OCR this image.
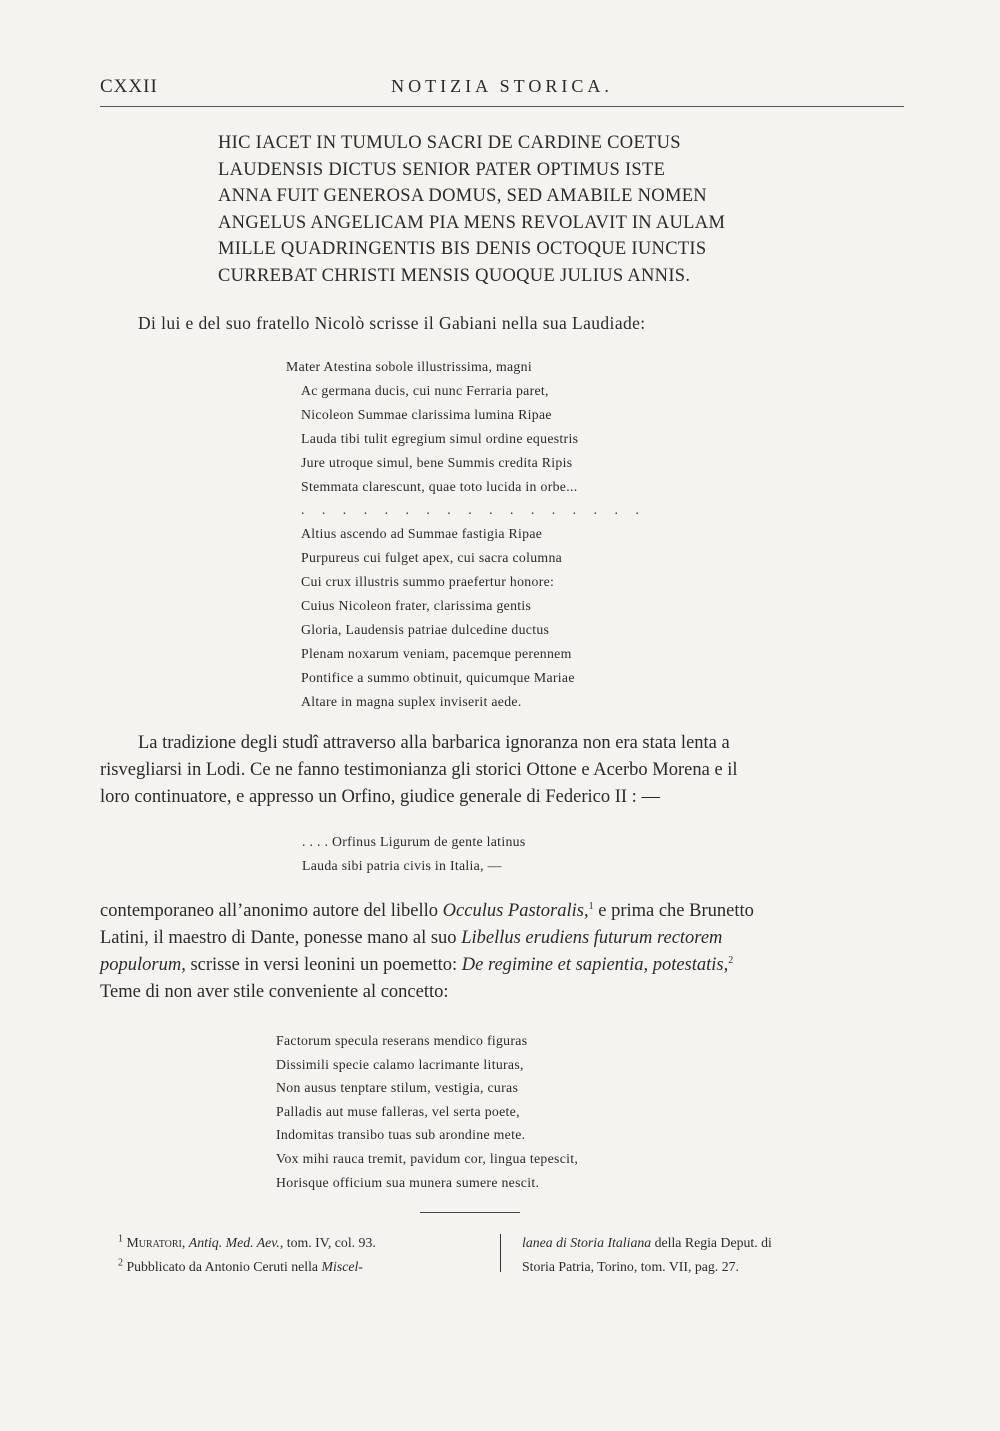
CXXII	NOTIZIA STORICA.
HIC IACET IN TUMULO SACRI DE CARDINE COETUS
LAUDENSIS DICTUS SENIOR PATER OPTIMUS ISTE
ANNA FUIT GENEROSA DOMUS, SED AMABILE NOMEN
ANGELUS ANGELICAM PIA MENS REVOLAVIT IN AULAM
MILLE QUADRINGENTIS BIS DENIS OCTOQUE IUNCTIS
CURREBAT CHRISTI MENSIS QUOQUE JULIUS ANNIS.
Di lui e del suo fratello Nicolò scrisse il Gabiani nella sua Laudiade:
Mater Atestina sobole illustrissima, magni
Ac germana ducis, cui nunc Ferraria paret,
Nicoleon Summae clarissima lumina Ripae
Lauda tibi tulit egregium simul ordine equestris
Jure utroque simul, bene Summis credita Ripis
Stemmata clarescunt, quae toto lucida in orbe...
. . . . . . . . . . . . . . . . .
Altius ascendo ad Summae fastigia Ripae
Purpureus cui fulget apex, cui sacra columna
Cui crux illustris summo praefertur honore:
Cuius Nicoleon frater, clarissima gentis
Gloria, Laudensis patriae dulcedine ductus
Plenam noxarum veniam, pacemque perennem
Pontifice a summo obtinuit, quicumque Mariae
Altare in magna suplex inviserit aede.
La tradizione degli studî attraverso alla barbarica ignoranza non era stata lenta a
risvegliarsi in Lodi. Ce ne fanno testimonianza gli storici Ottone e Acerbo Morena e il
loro continuatore, e appresso un Orfino, giudice generale di Federico II : —
. . . . Orfinus Ligurum de gente latinus
Lauda sibi patria civis in Italia, —
contemporaneo all’anonimo autore del libello Occulus Pastoralis,$^1$ e prima che Brunetto
Latini, il maestro di Dante, ponesse mano al suo Libellus erudiens futurum rectorem
populorum, scrisse in versi leonini un poemetto: De regimine et sapientia, potestatis,$^2$
Teme di non aver stile conveniente al concetto:
Factorum specula reserans mendico figuras
Dissimili specie calamo lacrimante lituras,
Non ausus tenptare stilum, vestigia, curas
Palladis aut muse falleras, vel serta poete,
Indomitas transibo tuas sub arondine mete.
Vox mihi rauca tremit, pavidum cor, lingua tepescit,
Horisque officium sua munera sumere nescit.
$^1$ Muratori, Antiq. Med. Aev., tom. IV, col. 93.
$^2$ Pubblicato da Antonio Ceruti nella Miscel-
lanea di Storia Italiana della Regia Deput. di
Storia Patria, Torino, tom. VII, pag. 27.
